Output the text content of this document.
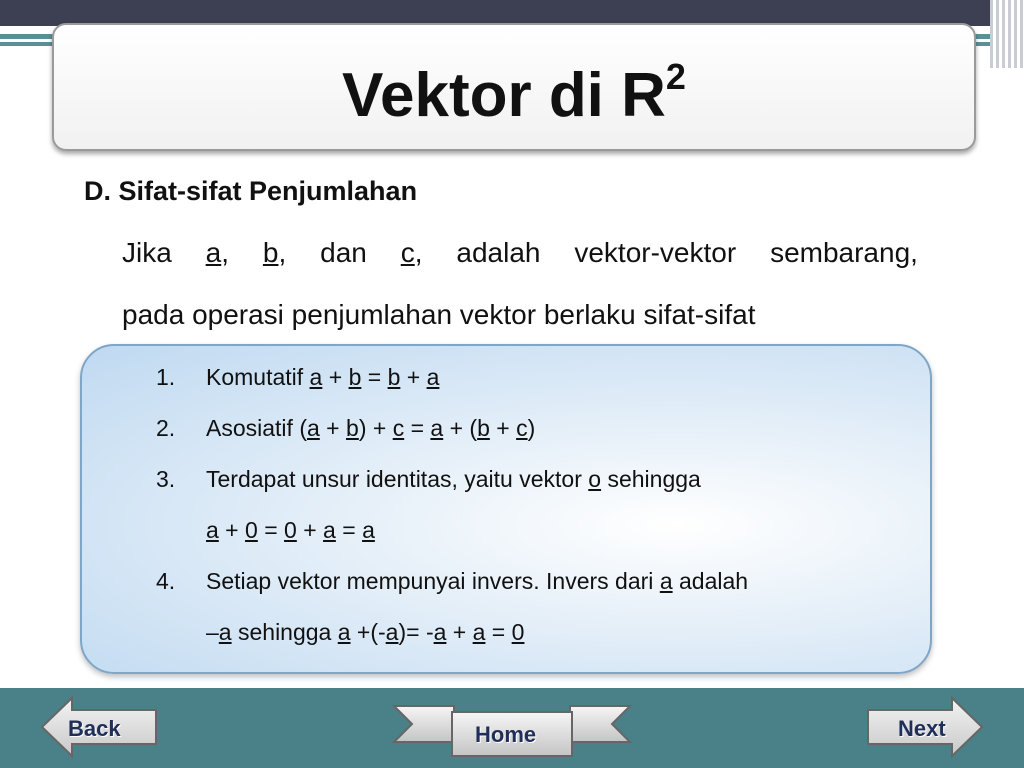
Vektor di $R^2$
D. Sifat-sifat Penjumlahan
Jika a, b, dan c, adalah vektor-vektor sembarang,
pada operasi penjumlahan vektor berlaku sifat-sifat
1.	Komutatif a + b = b + a
2.	Asosiatif (a + b) + c = a + (b + c)
3.	Terdapat unsur identitas, yaitu vektor o sehingga
a + 0 = 0 + a = a
4.	Setiap vektor mempunyai invers. Invers dari a adalah
–a sehingga a +(-a)= -a + a = 0
Back	Home	Next
